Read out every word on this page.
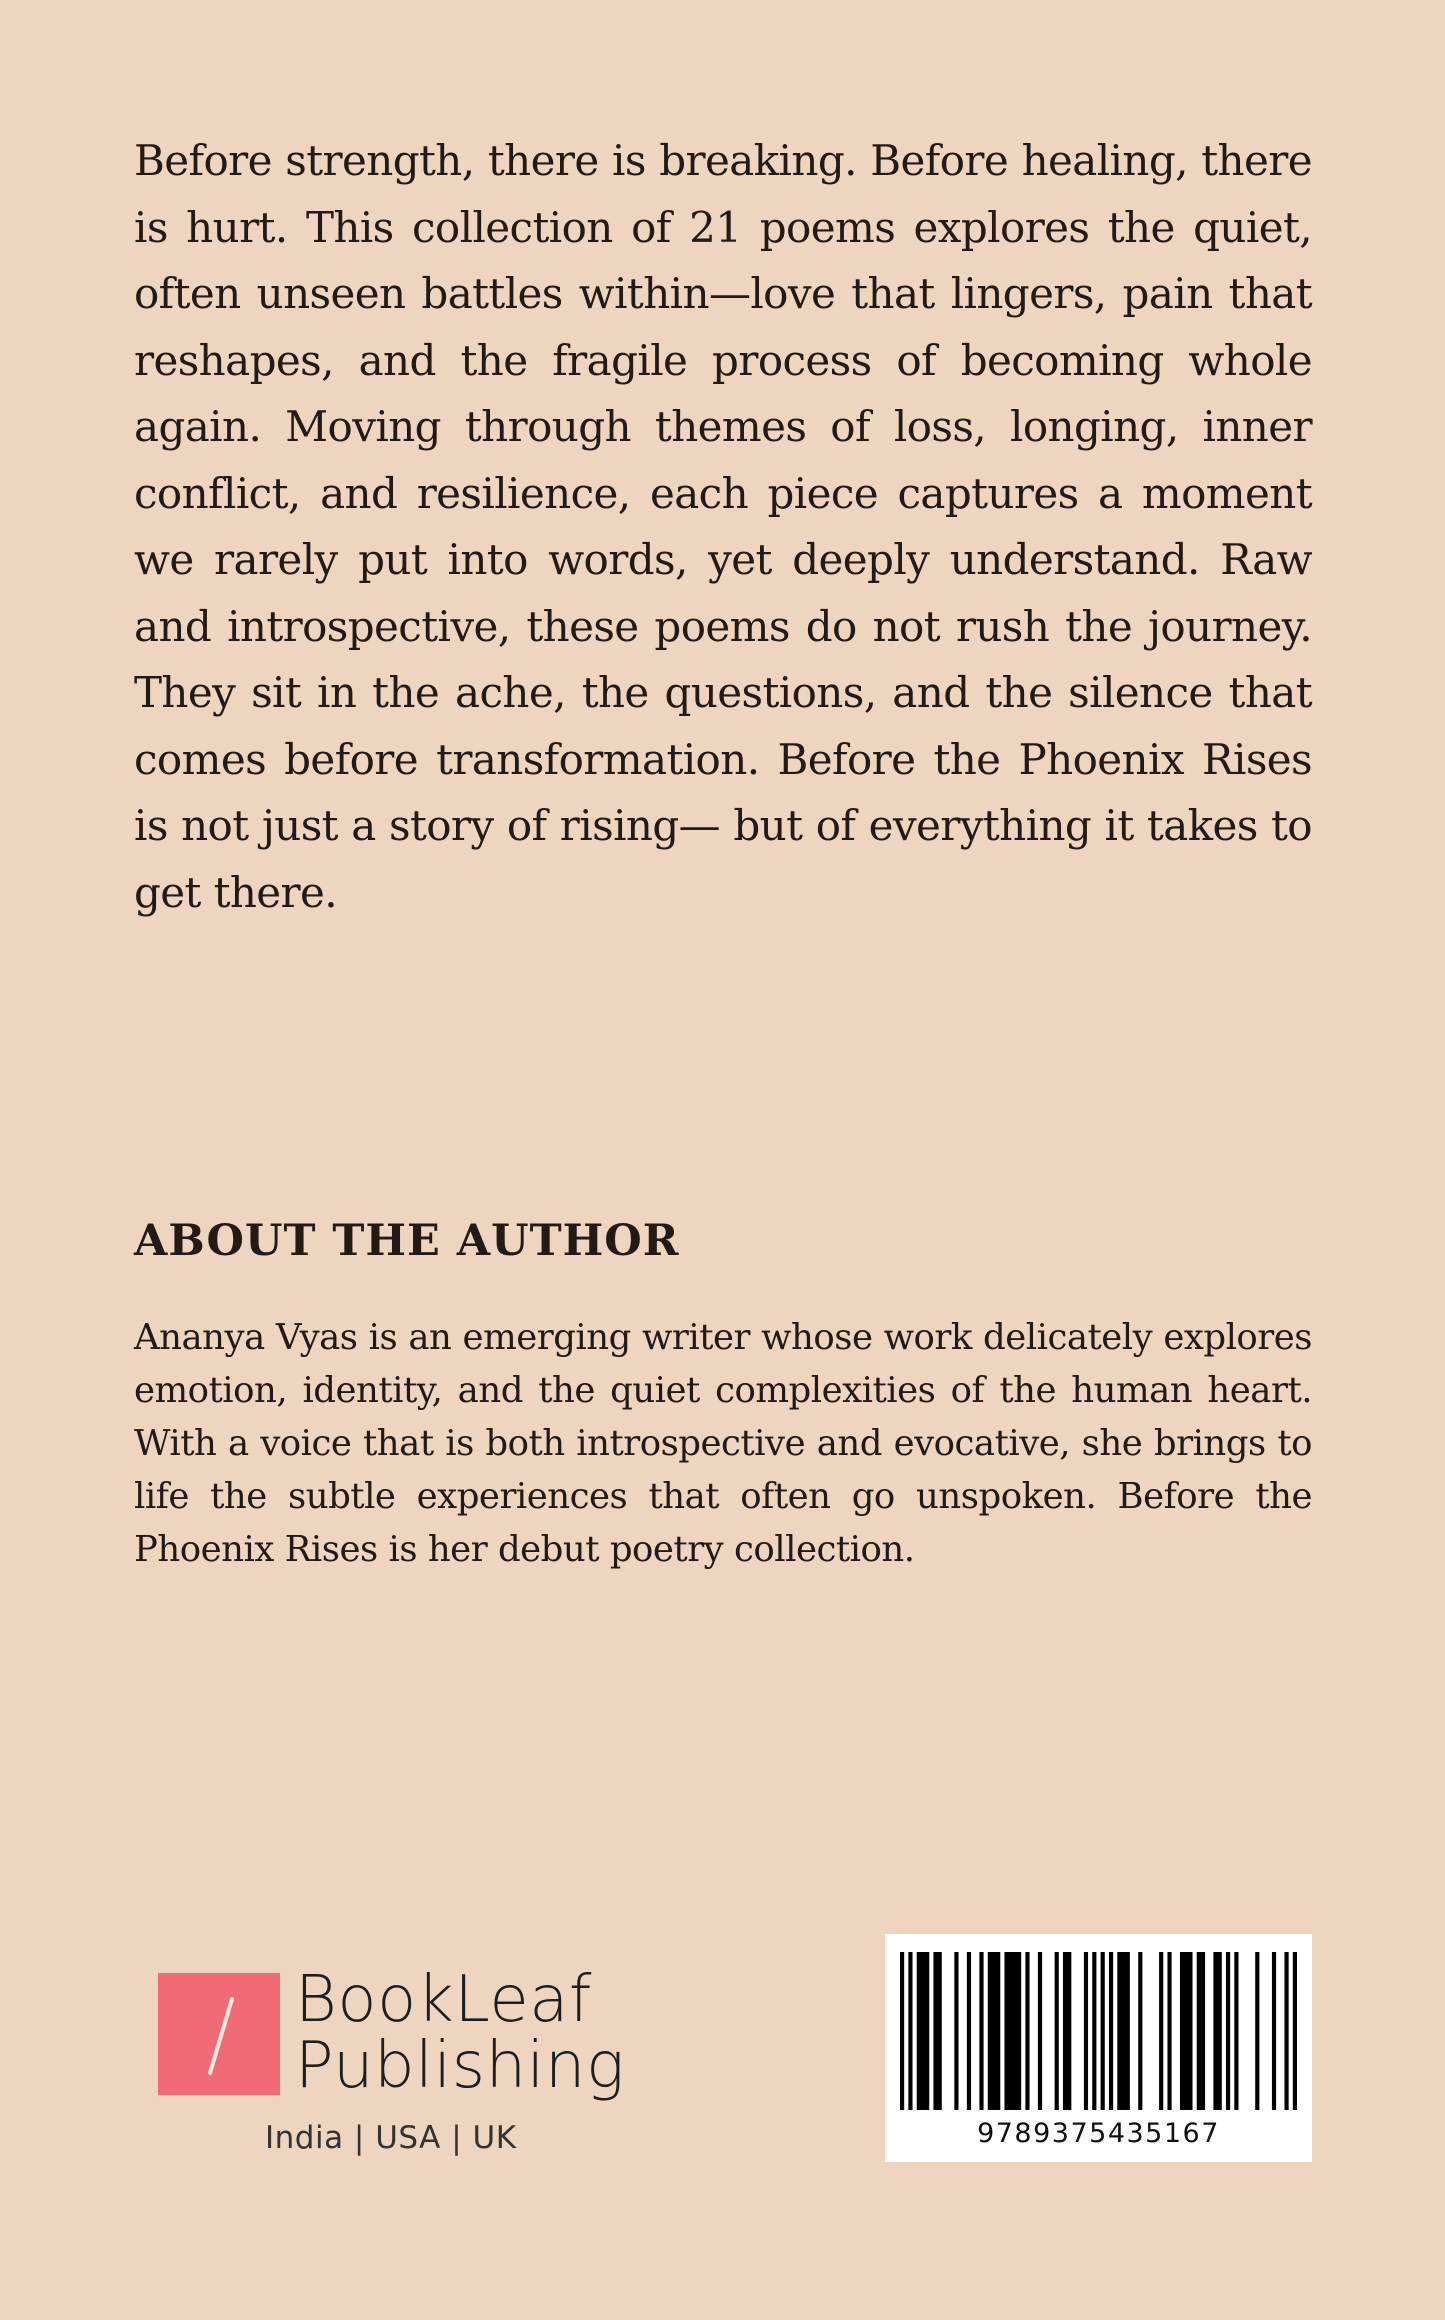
Before strength, there is breaking. Before healing, there is hurt. This collection of 21 poems explores the quiet, often unseen battles within—love that lingers, pain that reshapes, and the fragile process of becoming whole again. Moving through themes of loss, longing, inner conflict, and resilience, each piece captures a moment we rarely put into words, yet deeply understand. Raw and introspective, these poems do not rush the journey. They sit in the ache, the questions, and the silence that comes before transformation. Before the Phoenix Rises is not just a story of rising— but of everything it takes to get there.

ABOUT THE AUTHOR

Ananya Vyas is an emerging writer whose work delicately explores emotion, identity, and the quiet complexities of the human heart. With a voice that is both introspective and evocative, she brings to life the subtle experiences that often go unspoken. Before the Phoenix Rises is her debut poetry collection.

BookLeaf
Publishing
India | USA | UK	9789375435167
